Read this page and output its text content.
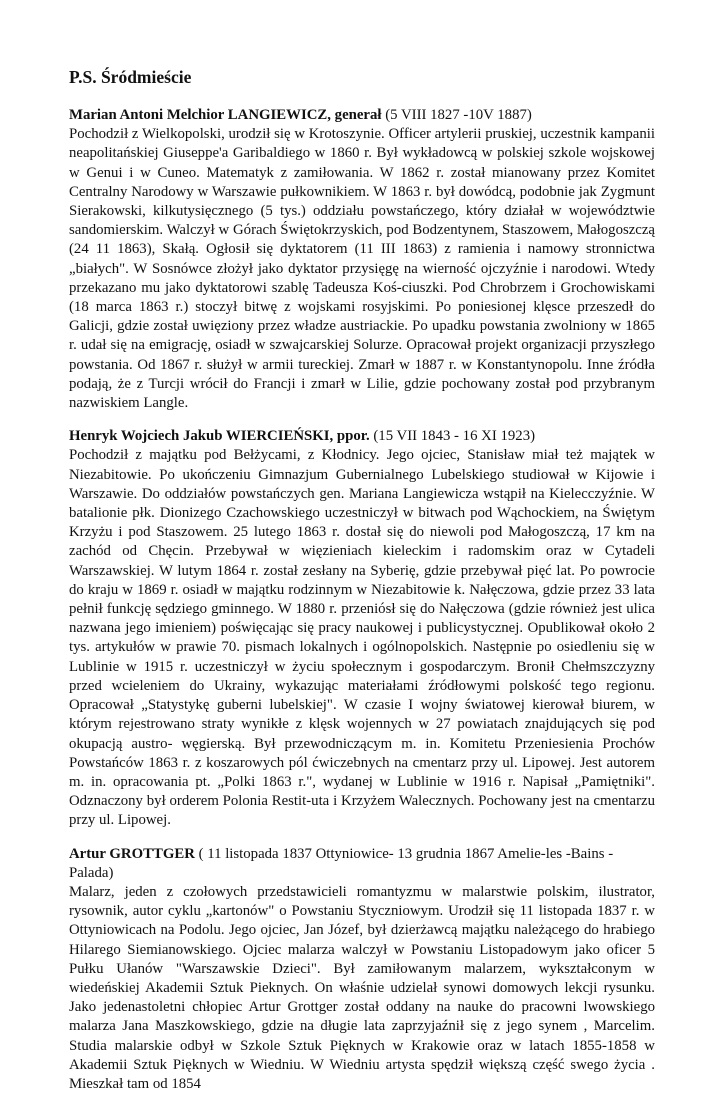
P.S. Śródmieście

Marian Antoni Melchior LANGIEWICZ, generał (5 VIII 1827 -10V 1887)

Pochodził z Wielkopolski, urodził się w Krotoszynie. Officer artylerii pruskiej, uczestnik kampanii neapolitańskiej Giuseppe'a Garibaldiego w 1860 r. Był wykładowcą w polskiej szkole wojskowej w Genui i w Cuneo. Matematyk z zamiłowania. W 1862 r. został mianowany przez Komitet Centralny Narodowy w Warszawie pułkownikiem. W 1863 r. był dowódcą, podobnie jak Zygmunt Sierakowski, kilkutysięcznego (5 tys.) oddziału powstańczego, który działał w województwie sandomierskim. Walczył w Górach Świętokrzyskich, pod Bodzentynem, Staszowem, Małogoszczą (24 11 1863), Skałą. Ogłosił się dyktatorem (11 III 1863) z ramienia i namowy stronnictwa „białych". W Sosnówce złożył jako dyktator przysięgę na wierność ojczyźnie i narodowi. Wtedy przekazano mu jako dyktatorowi szablę Tadeusza Koś-ciuszki. Pod Chrobrzem i Grochowiskami (18 marca 1863 r.) stoczył bitwę z wojskami rosyjskimi. Po poniesionej klęsce przeszedł do Galicji, gdzie został uwięziony przez władze austriackie. Po upadku powstania zwolniony w 1865 r. udał się na emigrację, osiadł w szwajcarskiej Solurze. Opracował projekt organizacji przyszłego powstania. Od 1867 r. służył w armii tureckiej. Zmarł w 1887 r. w Konstantynopolu. Inne źródła podają, że z Turcji wrócił do Francji i zmarł w Lilie, gdzie pochowany został pod przybranym nazwiskiem Langle.

Henryk Wojciech Jakub WIERCIEŃSKI, ppor. (15 VII 1843 - 16 XI 1923)

Pochodził z majątku pod Bełżycami, z Kłodnicy. Jego ojciec, Stanisław miał też majątek w Niezabitowie. Po ukończeniu Gimnazjum Gubernialnego Lubelskiego studiował w Kijowie i Warszawie. Do oddziałów powstańczych gen. Mariana Langiewicza wstąpił na Kielecczyźnie. W batalionie płk. Dionizego Czachowskiego uczestniczył w bitwach pod Wąchockiem, na Świętym Krzyżu i pod Staszowem. 25 lutego 1863 r. dostał się do niewoli pod Małogoszczą, 17 km na zachód od Chęcin. Przebywał w więzieniach kieleckim i radomskim oraz w Cytadeli Warszawskiej. W lutym 1864 r. został zesłany na Syberię, gdzie przebywał pięć lat. Po powrocie do kraju w 1869 r. osiadł w majątku rodzinnym w Niezabitowie k. Nałęczowa, gdzie przez 33 lata pełnił funkcję sędziego gminnego. W 1880 r. przeniósł się do Nałęczowa (gdzie również jest ulica nazwana jego imieniem) poświęcając się pracy naukowej i publicystycznej. Opublikował około 2 tys. artykułów w prawie 70. pismach lokalnych i ogólnopolskich. Następnie po osiedleniu się w Lublinie w 1915 r. uczestniczył w życiu społecznym i gospodarczym. Bronił Chełmszczyzny przed wcieleniem do Ukrainy, wykazując materiałami źródłowymi polskość tego regionu. Opracował „Statystykę guberni lubelskiej". W czasie I wojny światowej kierował biurem, w którym rejestrowano straty wynikłe z klęsk wojennych w 27 powiatach znajdujących się pod okupacją austro- węgierską. Był przewodniczącym m. in. Komitetu Przeniesienia Prochów Powstańców 1863 r. z koszarowych pól ćwiczebnych na cmentarz przy ul. Lipowej. Jest autorem m. in. opracowania pt. „Polki 1863 r.", wydanej w Lublinie w 1916 r. Napisał „Pamiętniki". Odznaczony był orderem Polonia Restit-uta i Krzyżem Walecznych. Pochowany jest na cmentarzu przy ul. Lipowej.

Artur GROTTGER ( 11 listopada 1837 Ottyniowice- 13 grudnia 1867 Amelie-les -Bains -Palada)

Malarz, jeden z czołowych przedstawicieli romantyzmu w malarstwie polskim, ilustrator, rysownik, autor cyklu „kartonów" o Powstaniu Styczniowym. Urodził się 11 listopada 1837 r. w Ottyniowicach na Podolu. Jego ojciec, Jan Józef, był dzierżawcą majątku należącego do hrabiego Hilarego Siemianowskiego. Ojciec malarza walczył w Powstaniu Listopadowym jako oficer 5 Pułku Ułanów "Warszawskie Dzieci". Był zamiłowanym malarzem, wykształconym w wiedeńskiej Akademii Sztuk Pieknych. On właśnie udzielał synowi domowych lekcji rysunku. Jako jedenastoletni chłopiec Artur Grottger został oddany na nauke do pracowni lwowskiego malarza Jana Maszkowskiego, gdzie na długie lata zaprzyjaźnił się z jego synem , Marcelim. Studia malarskie odbył w Szkole Sztuk Pięknych w Krakowie oraz w latach 1855-1858 w Akademii Sztuk Pięknych w Wiedniu. W Wiedniu artysta spędził większą część swego życia . Mieszkał tam od 1854
